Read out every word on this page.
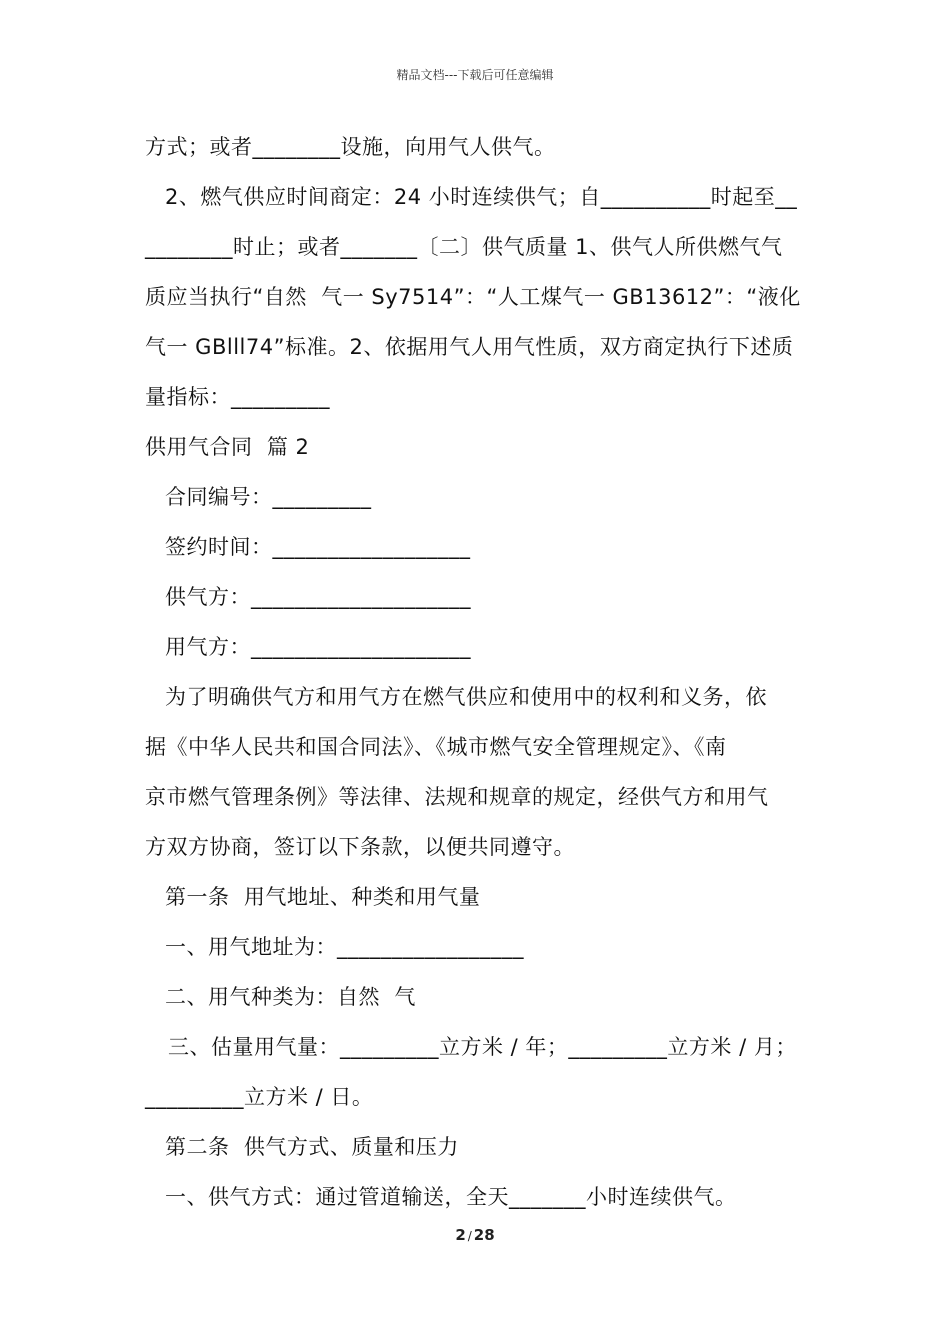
精品文档---下载后可任意编辑
方式；或者________设施，向用气人供气。
2、燃气供应时间商定：24 小时连续供气；自__________时起至__
________时止；或者_______〔二〕供气质量 1、供气人所供燃气气
质应当执行“自然  气一 Sy7514”：“人工煤气一 GB13612”：“液化
气一 GBlll74”标准。2、依据用气人用气性质，双方商定执行下述质
量指标：_________
供用气合同  篇 2
合同编号：_________
签约时间：__________________
供气方：____________________
用气方：____________________
为了明确供气方和用气方在燃气供应和使用中的权利和义务，依
据《中华人民共和国合同法》、《城市燃气安全管理规定》、《南
京市燃气管理条例》等法律、法规和规章的规定，经供气方和用气
方双方协商，签订以下条款，以便共同遵守。
第一条  用气地址、种类和用气量
一、用气地址为：_________________
二、用气种类为：自然  气
三、估量用气量：_________立方米 / 年；_________立方米 / 月；
_________立方米 / 日。
第二条  供气方式、质量和压力
一、供气方式：通过管道输送，全天_______小时连续供气。
2 / 28
